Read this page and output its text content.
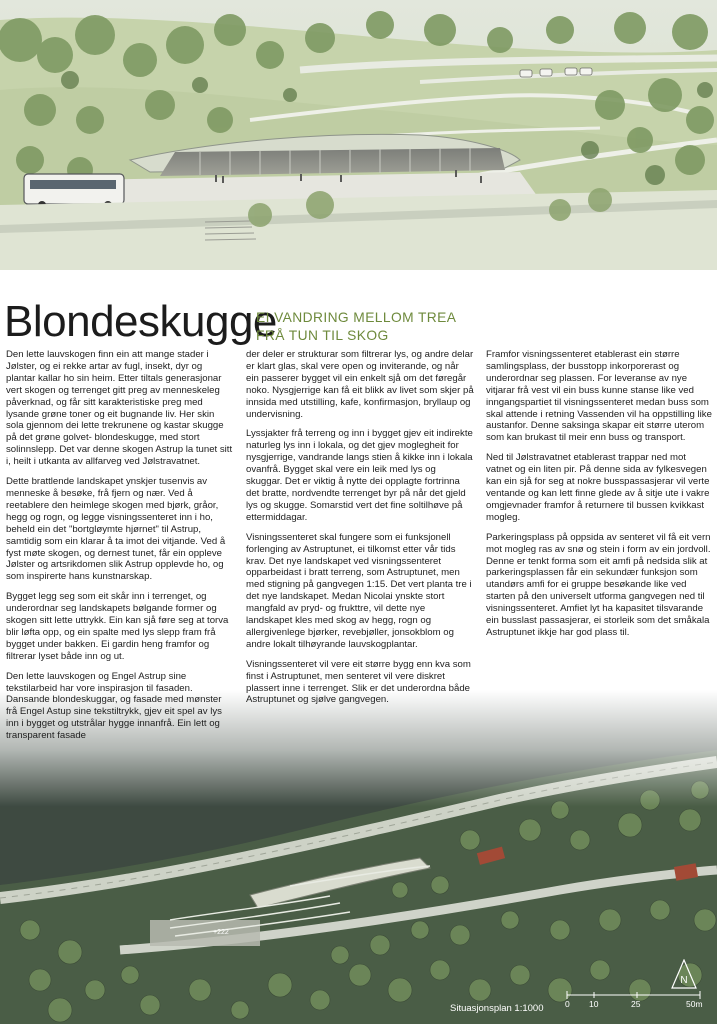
Blondeskugge
EI VANDRING MELLOM TREA
FRÅ TUN TIL SKOG
+222

Den lette lauvskogen finn ein att mange stader i Jølster, og ei rekke artar av fugl, insekt, dyr og plantar kallar ho sin heim. Etter tiltals generasjonar vert skogen og terrenget gitt preg av menneskeleg påverknad, og får sitt karakteristiske preg med lysande grøne toner og eit bugnande liv. Her skin sola gjennom dei lette trekrunene og kastar skugge på det grøne golvet- blondeskugge, med stort solinnslepp. Det var denne skogen Astrup la tunet sitt i, heilt i utkanta av allfarveg ved Jølstravatnet.

Dette brattlende landskapet ynskjer tusenvis av menneske å besøke, frå fjern og nær. Ved å reetablere den heimlege skogen med bjørk, gråor, hegg og rogn, og legge visningssenteret inn i ho, beheld ein det "bortgløymte hjørnet" til Astrup, samtidig som ein klarar å ta imot dei vitjande. Ved å fyst møte skogen, og dernest tunet, får ein oppleve Jølster og artsrikdomen slik Astrup opplevde ho, og som inspirerte hans kunstnarskap.

Bygget legg seg som eit skår inn i terrenget, og underordnar seg landskapets bølgande former og skogen sitt lette uttrykk. Ein kan sjå føre seg at torva blir løfta opp, og ein spalte med lys slepp fram frå bygget under bakken. Ei gardin heng framfor og filtrerar lyset både inn og ut.

Den lette lauvskogen og Engel Astrup sine tekstilarbeid har vore inspirasjon til fasaden. Dansande blondeskuggar, og fasade med mønster frå Engel Astup sine tekstiltrykk, gjev eit spel av lys inn i bygget og utstrålar hygge innanfrå. Ein lett og transparent fasade

der deler er strukturar som filtrerar lys, og andre delar er klart glas, skal vere open og inviterande, og når ein passerer bygget vil ein enkelt sjå om det føregår noko. Nysgjerrige kan få eit blikk av livet som skjer på innsida med utstilling, kafe, konfirmasjon, bryllaup og undervisning.

Lyssjakter frå terreng og inn i bygget gjev eit indirekte naturleg lys inn i lokala, og det gjev moglegheit for nysgjerrige, vandrande langs stien å kikke inn i lokala ovanfrå. Bygget skal vere ein leik med lys og skuggar. Det er viktig å nytte dei opplagte fortrinna det bratte, nordvendte terrenget byr på når det gjeld lys og skugge. Somarstid vert det fine soltilhøve på ettermiddagar.

Visningssenteret skal fungere som ei funksjonell forlenging av Astruptunet, ei tilkomst etter vår tids krav. Det nye landskapet ved visningssenteret opparbeidast i bratt terreng, som Astruptunet, men med stigning på gangvegen 1:15. Det vert planta tre i det nye landskapet. Medan Nicolai ynskte stort mangfald av pryd- og frukttre, vil dette nye landskapet kles med skog av hegg, rogn og allergivenlege bjørker, revebjøller, jonsokblom og andre lokalt tilhøyrande lauvskogplantar.

Visningssenteret vil vere eit større bygg enn kva som finst i Astruptunet, men senteret vil vere diskret plassert inne i terrenget. Slik er det underordna både Astruptunet og sjølve gangvegen.

Framfor visningssenteret etablerast ein større samlingsplass, der busstopp inkorporerast og underordnar seg plassen. For leveranse av nye vitjarar frå vest vil ein buss kunne stanse like ved inngangspartiet til visningssenteret medan buss som skal attende i retning Vassenden vil ha oppstilling like austanfor. Denne saksinga skapar eit større uterom som kan brukast til meir enn buss og transport.

Ned til Jølstravatnet etablerast trappar ned mot vatnet og ein liten pir. På denne sida av fylkesvegen kan ein sjå for seg at nokre busspassasjerar vil verte ventande og kan lett finne glede av å sitje ute i vakre omgjevnader framfor å returnere til bussen kvikkast mogleg.

Parkeringsplass på oppsida av senteret vil få eit vern mot mogleg ras av snø og stein i form av ein jordvoll. Denne er tenkt forma som eit amfi på nedsida slik at parkeringsplassen får ein sekundær funksjon som utandørs amfi for ei gruppe besøkande like ved starten på den universelt utforma gangvegen ned til visningssenteret. Amfiet lyt ha kapasitet tilsvarande ein busslast passasjerar, ei storleik som det småkala Astruptunet ikkje har god plass til.

Situasjonsplan 1:1000	0 10	25	50m
N
